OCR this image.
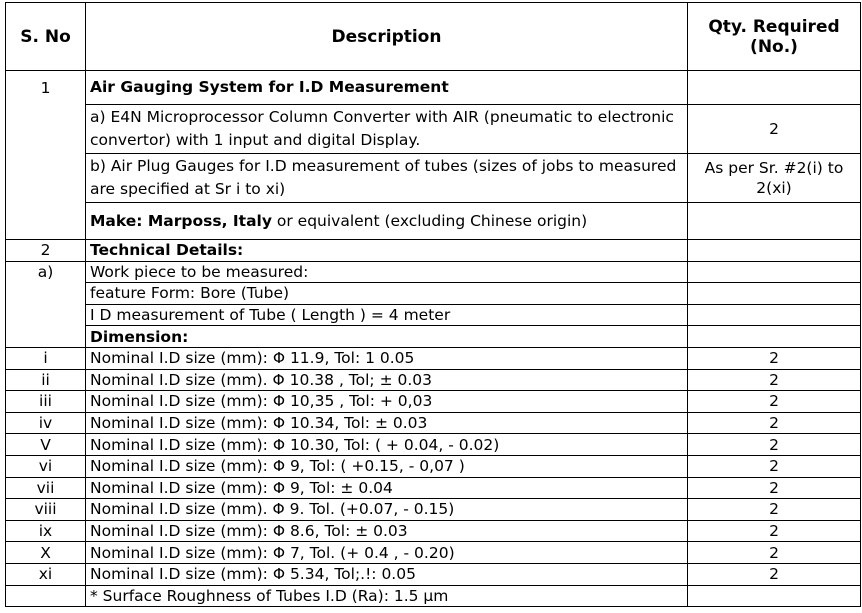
S. No	Description	Qty. Required
(No.)
1	Air Gauging System for I.D Measurement	
	a) E4N Microprocessor Column Converter with AIR (pneumatic to electronic convertor) with 1 input and digital Display.	2
	b) Air Plug Gauges for I.D measurement of tubes (sizes of jobs to measured are specified at Sr i to xi)	As per Sr. #2(i) to 2(xi)
	Make: Marposs, Italy or equivalent (excluding Chinese origin)	
2	Technical Details:	
a)	Work piece to be measured:	
	feature Form: Bore (Tube)	
	I D measurement of Tube ( Length ) = 4 meter	
	Dimension:	
i	Nominal I.D size (mm): Φ 11.9, Tol: 1 0.05	2
ii	Nominal I.D size (mm). Φ 10.38 , Tol; ± 0.03	2
iii	Nominal I.D size (mm): Φ 10,35 , Tol: + 0,03	2
iv	Nominal I.D size (mm): Φ 10.34, Tol: ± 0.03	2
V	Nominal I.D size (mm): Φ 10.30, Tol: ( + 0.04, - 0.02)	2
vi	Nominal I.D size (mm): Φ 9, Tol: ( +0.15, - 0,07 )	2
vii	Nominal I.D size (mm): Φ 9, Tol: ± 0.04	2
viii	Nominal I.D size (mm). Φ 9. Tol. (+0.07, - 0.15)	2
ix	Nominal I.D size (mm): Φ 8.6, Tol: ± 0.03	2
X	Nominal I.D size (mm): Φ 7, Tol. (+ 0.4 , - 0.20)	2
xi	Nominal I.D size (mm): Φ 5.34, Tol;.!: 0.05	2
	* Surface Roughness of Tubes I.D (Ra): 1.5 μm	
